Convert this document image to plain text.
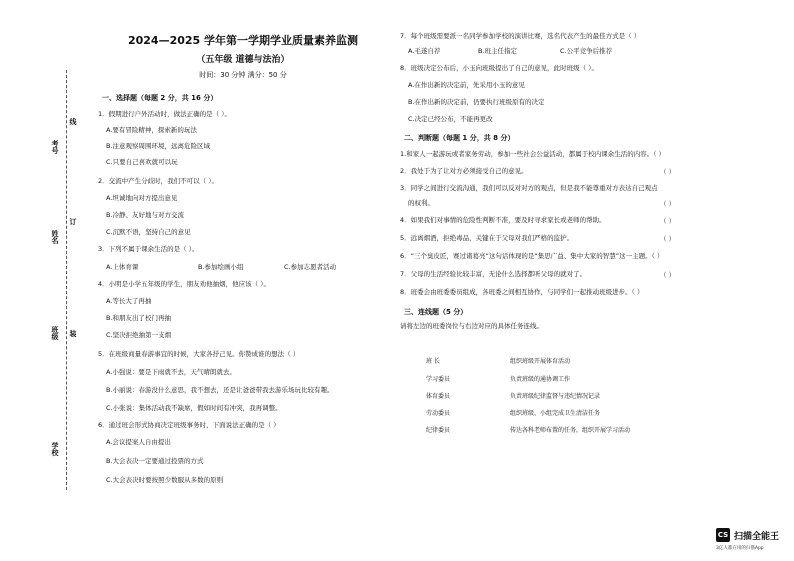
考号
姓名
班级
学校
线
订
装
2024—2025 学年第一学期学业质量素养监测
（五年级 道德与法治）
时间：30 分钟 满分：50 分
一、选择题（每题 2 分，共 16 分）
1．假期进行户外活动时，做法正确的是（ ）。
A.要有冒险精神，探索新的玩法
B.注意观察周围环境，远离危险区域
C.只要自己喜欢就可以玩
2．交流中产生分歧时，我们不可以（ ）。
A.坦诚地向对方提出意见
B.冷静、友好地与对方交流
C.沉默不语，坚持自己的意见
3．下列不属于课余生活的是（ ）。
A.上体育课	B.参加绘画小组	C.参加志愿者活动
4．小明是小学五年级的学生，朋友劝他抽烟，他应该（ ）。
A.等长大了再抽
B.和朋友出了校门再抽
C.坚决拒绝抽第一支烟
5．在班级商量春游事宜的时候，大家各抒己见。你赞成谁的想法（ ）
A.小强说：要是下雨就不去，天气晴朗就去。
B.小丽说：春游没什么意思，我不想去，还是让爸爸带我去游乐场玩比较有趣。
C.小张说：集体活动我不缺席，假如时间有冲突，我再调整。
6．通过班会形式协商决定班级事务时，下面说法正确的是（ ）
A.会议提案人自由提出
B.大会表决一定要通过投票的方式
C.大会表决时要按照少数服从多数的原则
7．每个班级需要派一名同学参加学校的演讲比赛，选名代表产生的最佳方式是（ ）
A.毛遂自荐	B.班主任指定	C.公平竞争后推荐
8．班级决定公布后，小玉向班级提出了自己的意见，此时班级（ ）。
A.在作出新的决定前，先采用小玉的意见
B.在作出新的决定前，仍要执行班级原有的决定
C.决定已经公布，不能再更改
二、判断题（每题 1 分，共 8 分）
1.和家人一起游玩或者家务劳动，参加一些社会公益活动，都属于校内课余生活的内容。（ ）
2．我处于为了让对方必须接受自己的意见。	（ ）
3．同学之间进行交流沟通，我们可以反对对方的观点，但是我不能尊重对方表达自己观点
的权利。	（ ）
4．如果我们对事情的危险性判断不准，要及时寻求家长或老师的帮助。	（ ）
5．远离烟酒，拒绝毒品，关键在于父母对我们严格的监护。	（ ）
6．“三个臭皮匠，赛过诸葛亮”这句话体现的是“集思广益、集中大家的智慧”这一主题。（ ）
7．父母的生活经验比较丰富，无论什么选择都听父母的就对了。	（ ）
8．班委会由班委委员组成，各班委之间相互协作，与同学们一起推动班级进步。（ ）
三、连线题（5 分）
请将左边的班委岗位与右边对应的具体任务连线。
班 长	组织班级开展体育活动
学习委员	负责班级的通协调工作
体育委员	负责班级纪律监督与违纪情况记录
劳动委员	组织班级、小组完成卫生清洁任务
纪律委员	传达各科老师布置的任务，组织开展学习活动
CS 扫描全能王
3亿人都在用的扫描App
